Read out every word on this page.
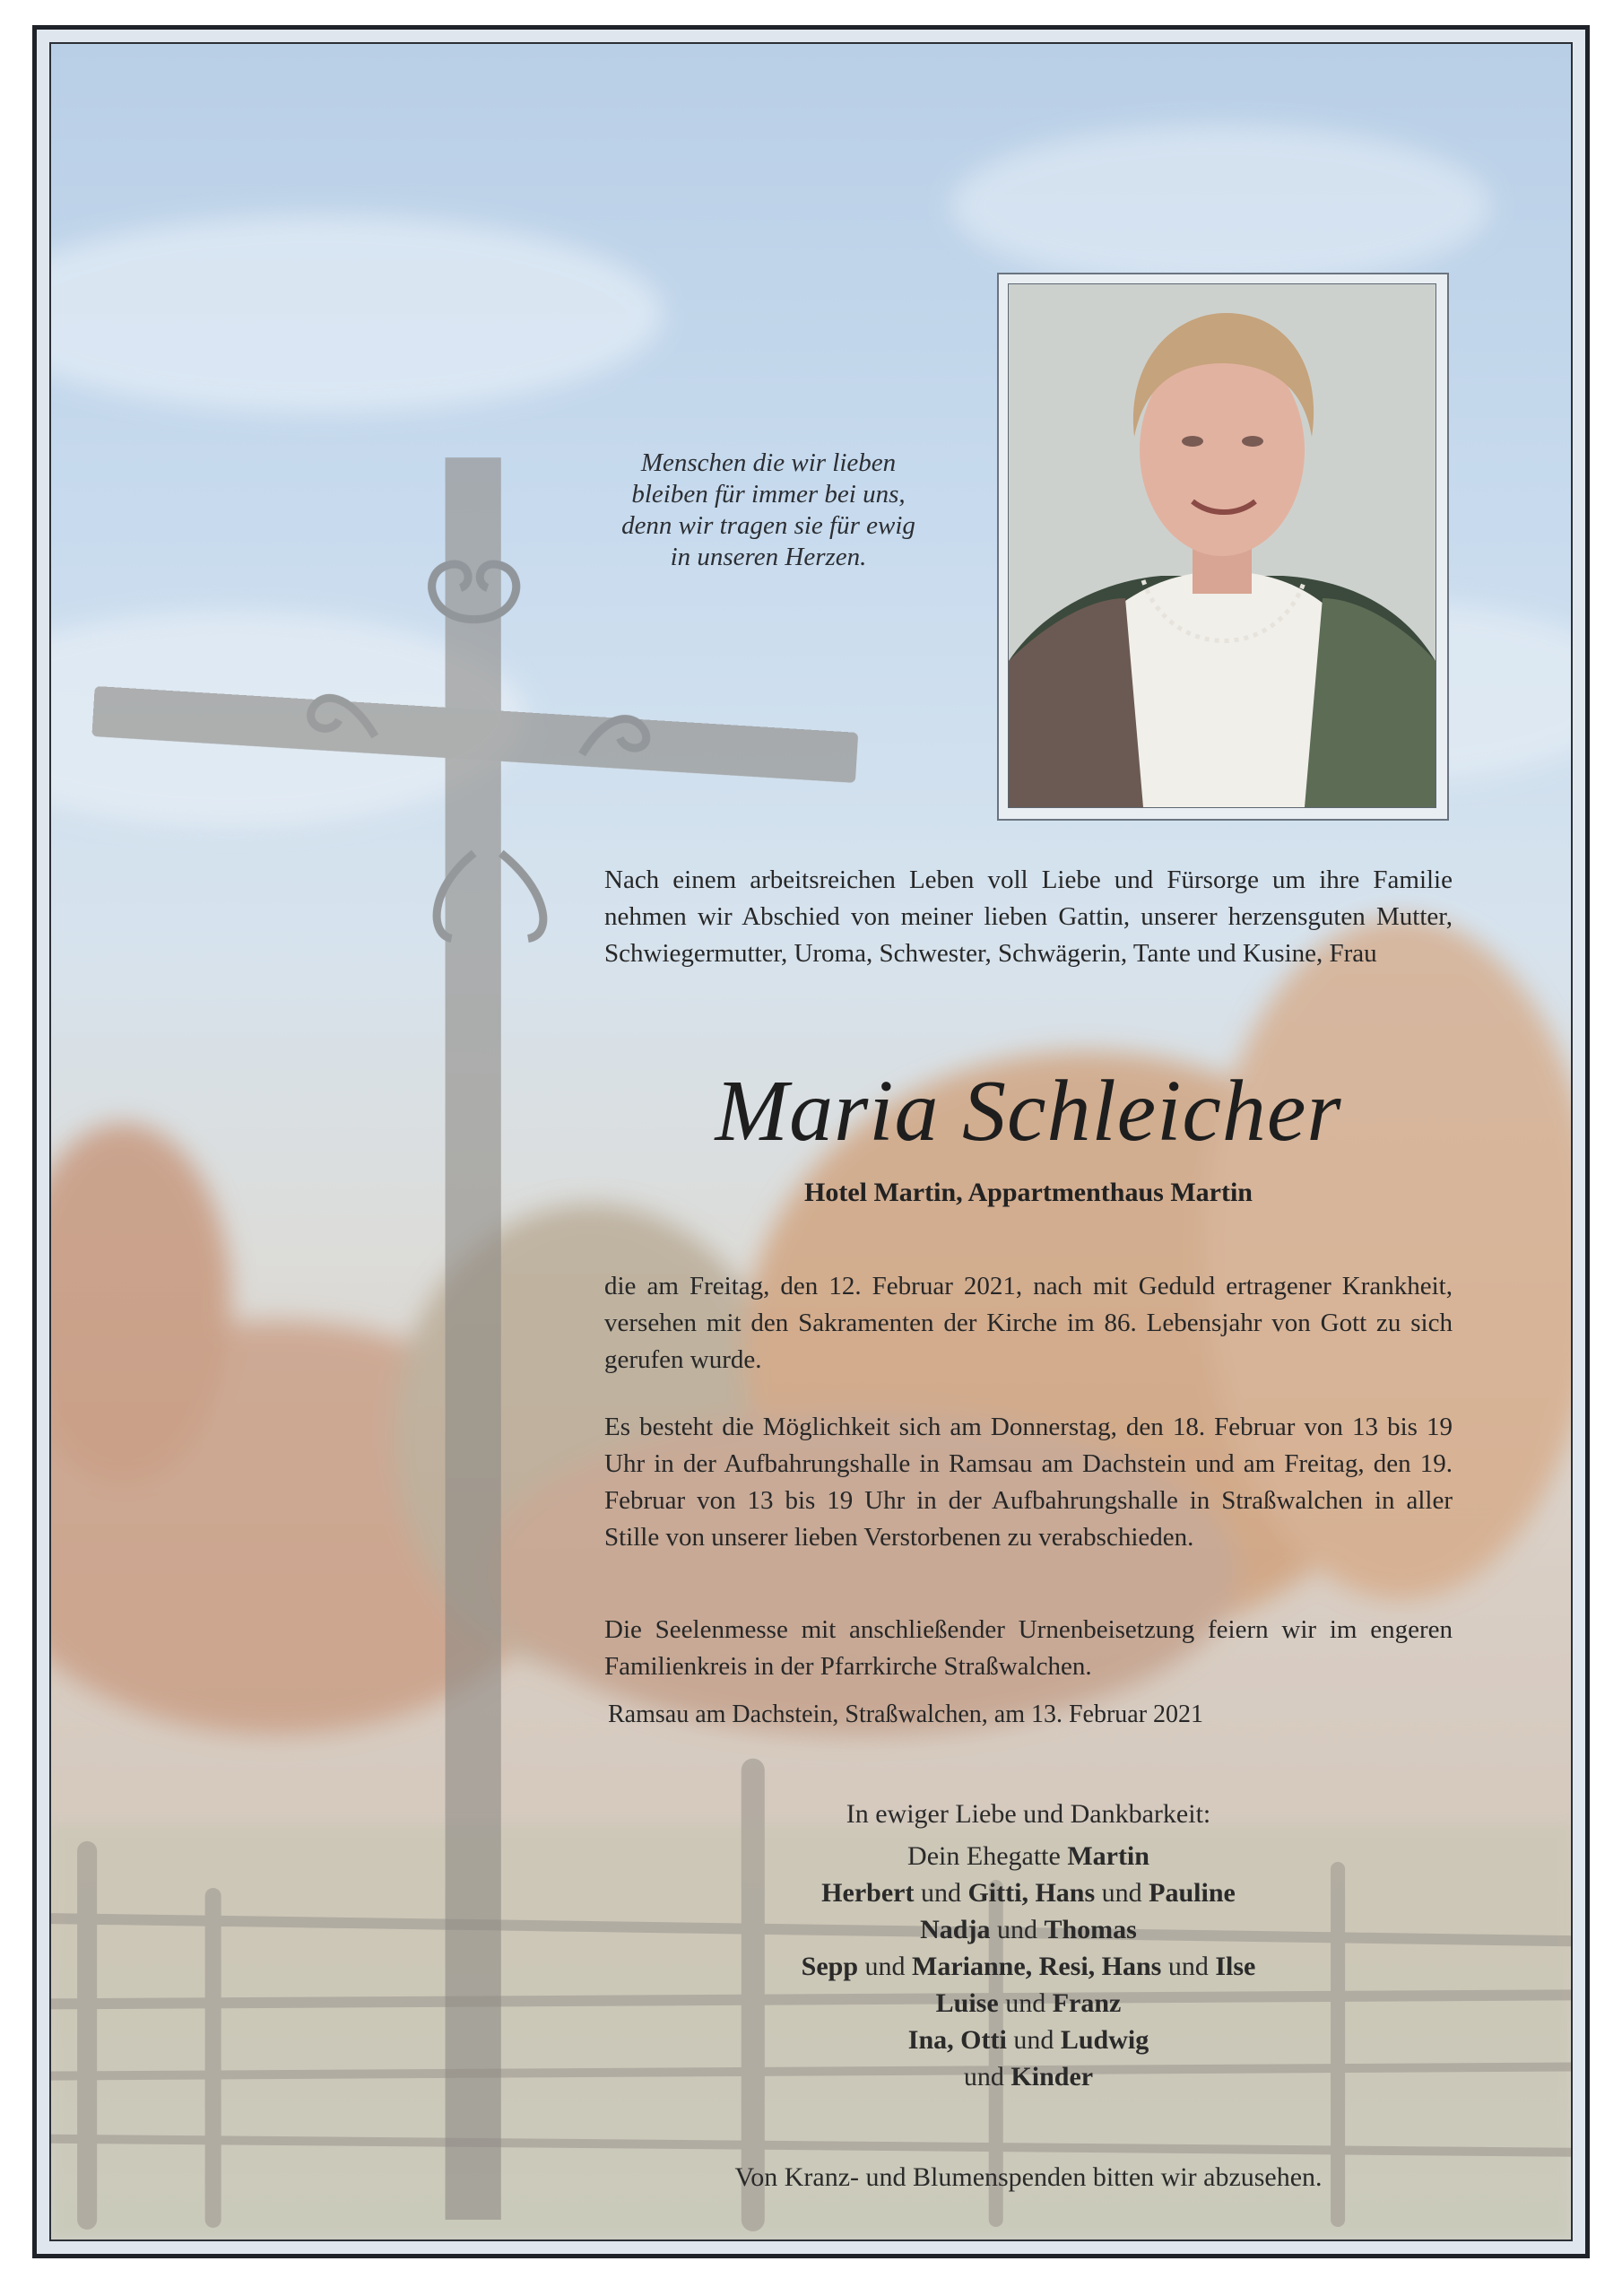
Menschen die wir lieben
bleiben für immer bei uns,
denn wir tragen sie für ewig
in unseren Herzen.
Nach einem arbeitsreichen Leben voll Liebe und Fürsorge um ihre Familie nehmen wir Abschied von meiner lieben Gattin, unserer herzensguten Mutter, Schwiegermutter, Uroma, Schwester, Schwägerin, Tante und Kusine, Frau
Maria Schleicher
Hotel Martin, Appartmenthaus Martin
die am Freitag, den 12. Februar 2021, nach mit Geduld ertragener Krankheit, versehen mit den Sakramenten der Kirche im 86. Lebensjahr von Gott zu sich gerufen wurde.
Es besteht die Möglichkeit sich am Donnerstag, den 18. Februar von 13 bis 19 Uhr in der Aufbahrungshalle in Ramsau am Dachstein und am Freitag, den 19. Februar von 13 bis 19 Uhr in der Aufbahrungshalle in Straßwalchen in aller Stille von unserer lieben Verstorbenen zu verabschieden.
Die Seelenmesse mit anschließender Urnenbeisetzung feiern wir im engeren Familienkreis in der Pfarrkirche Straßwalchen.
Ramsau am Dachstein, Straßwalchen, am 13. Februar 2021
In ewiger Liebe und Dankbarkeit:
Dein Ehegatte Martin
Herbert und Gitti, Hans und Pauline
Nadja und Thomas
Sepp und Marianne, Resi, Hans und Ilse
Luise und Franz
Ina, Otti und Ludwig
und Kinder
Von Kranz- und Blumenspenden bitten wir abzusehen.
